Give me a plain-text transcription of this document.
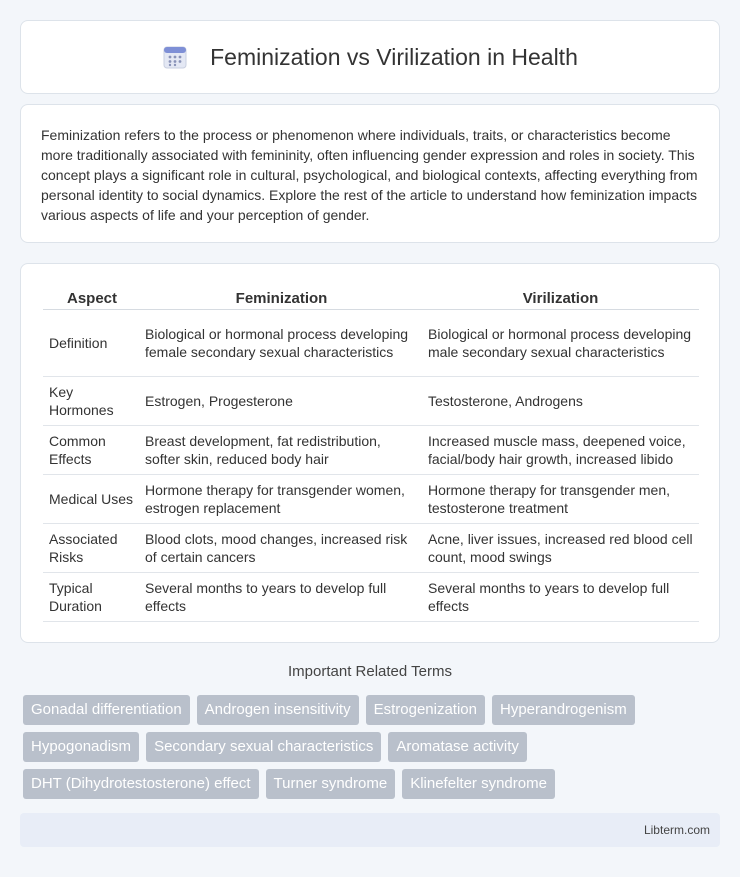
Feminization vs Virilization in Health

Feminization refers to the process or phenomenon where individuals, traits, or characteristics become more traditionally associated with femininity, often influencing gender expression and roles in society. This concept plays a significant role in cultural, psychological, and biological contexts, affecting everything from personal identity to social dynamics. Explore the rest of the article to understand how feminization impacts various aspects of life and your perception of gender.

Aspect	Feminization	Virilization
Definition	Biological or hormonal process developing female secondary sexual characteristics	Biological or hormonal process developing male secondary sexual characteristics
Key Hormones	Estrogen, Progesterone	Testosterone, Androgens
Common Effects	Breast development, fat redistribution, softer skin, reduced body hair	Increased muscle mass, deepened voice, facial/body hair growth, increased libido
Medical Uses	Hormone therapy for transgender women, estrogen replacement	Hormone therapy for transgender men, testosterone treatment
Associated Risks	Blood clots, mood changes, increased risk of certain cancers	Acne, liver issues, increased red blood cell count, mood swings
Typical Duration	Several months to years to develop full effects	Several months to years to develop full effects
Important Related Terms
Gonadal differentiation	Androgen insensitivity	Estrogenization	Hyperandrogenism
Hypogonadism	Secondary sexual characteristics	Aromatase activity
DHT (Dihydrotestosterone) effect	Turner syndrome	Klinefelter syndrome
Libterm.com
